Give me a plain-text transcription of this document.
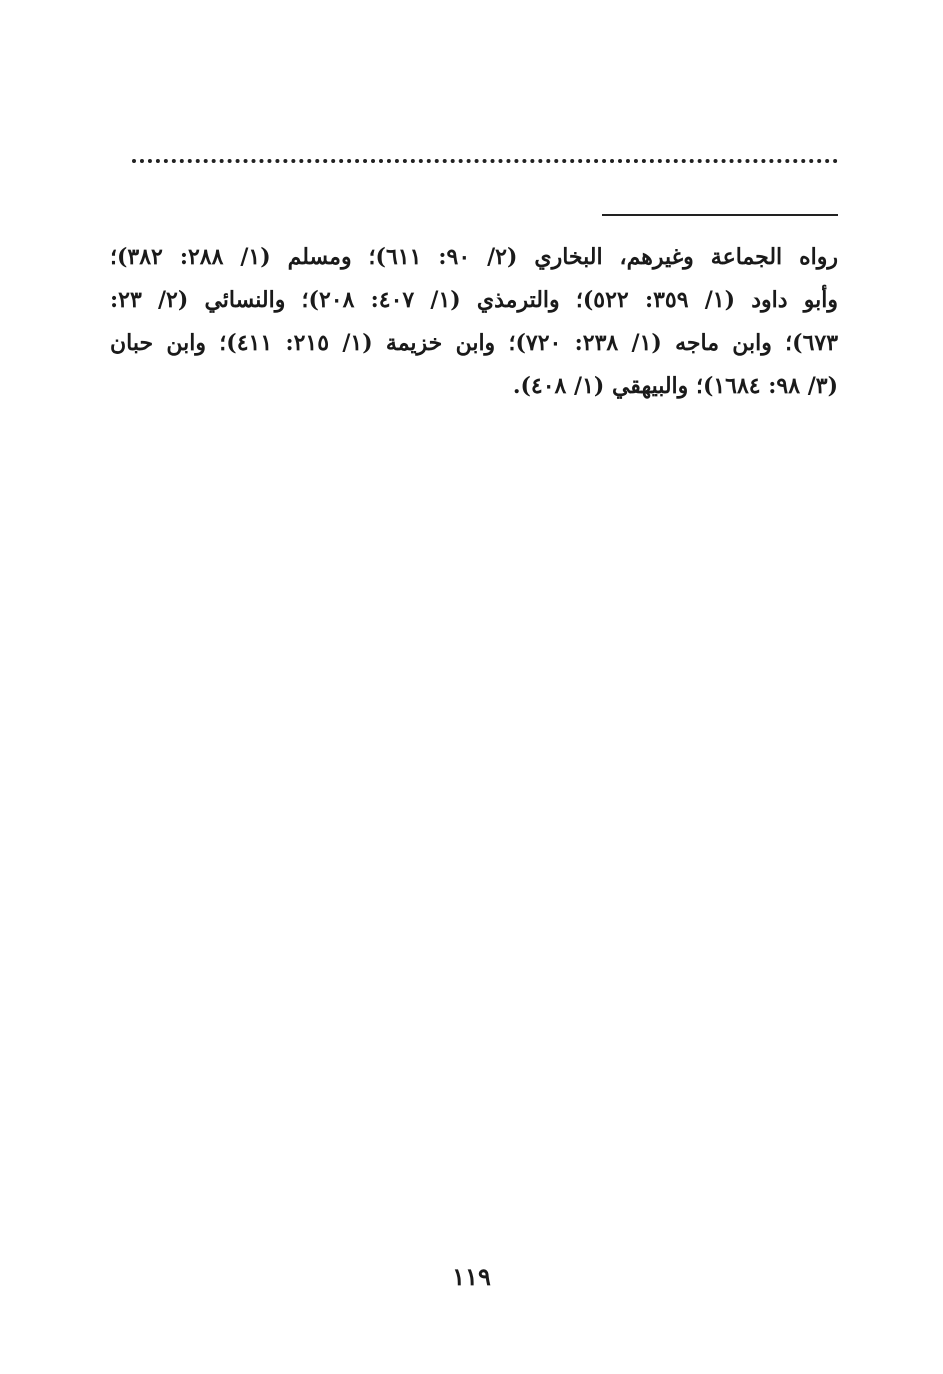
رواه الجماعة وغيرهم، البخاري (٢/ ٩٠: ٦١١)؛ ومسلم (١/ ٢٨٨: ٣٨٢)؛
وأبو داود (١/ ٣٥٩: ٥٢٢)؛ والترمذي (١/ ٤٠٧: ٢٠٨)؛ والنسائي (٢/ ٢٣:
٦٧٣)؛ وابن ماجه (١/ ٢٣٨: ٧٢٠)؛ وابن خزيمة (١/ ٢١٥: ٤١١)؛ وابن حبان
(٣/ ٩٨: ١٦٨٤)؛ والبيهقي (١/ ٤٠٨).
١١٩
